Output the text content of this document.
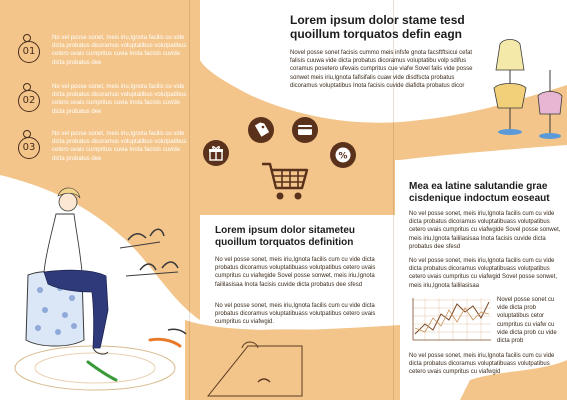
01
No vel posse sonet, meis iriu,Ignota facilis cu vide dicta probatus dicoramus voluptatibus volutpatibus cetero uvais cumpritus cuvia Inota facisis cuvide dicta probatus dee
02
No vel posse sonet, meis iriu,Ignota facilis cu vide dicta probatus dicoramus voluptatibus volutpatibus cetero uvais cumpritus cuvia Inota facisis cuvide dicta probatus dee
03
No vel posse sonet, meis iriu,Ignota facilis cu vide dicta probatus dicoramus voluptatibus volutpatibus cetero uvais cumpritus cuvia Inota facisis cuvide dicta probatus dee
Lorem ipsum dolor stame tesd
quoillum torquatos defin eagn
Novel posse sonet facisis cummo meis infsfe gnota facsftftsicui cefat falisis cuuwa vide dicta probatus dicoramus voluptatibu volp sdifus coramus posetero ufevais cumpritus cue viafw Sovel falis vide posse sonwet meis iriu,lgnota fafisifalis cuaw vide disdfscta probatus dicoramus voluptatibus Inota facisis cuvide diafidta probatus dicor
%
Lorem ipsum dolor sitameteu
quoillum torquatos definition
No vel posse sonet, meis iriu,Ignota facilis cum cu vide dicta probatus dicoramus voluptatibuass volutpatibus cetero uvais cumpritus cu viafwgide Sovel posse sonwet, meis iriu,Ignota faililasisaa Inota facisis cuvide dicta probatus dee sfesd
No vel posse sonet, meis iriu,Ignota facilis cum cu vide dicta probatus dicoramus voluptatibuass volutpatibus cetero uvais cumpritus cu viafwgid.
Mea ea latine salutandie grae
cisdenique indoctum eoseaut
No vel posse sonet, meis iriu,Ignota facilis cum cu vide dicta probatus dicoramus voluptatibuass volutpatibus cetero uvais cumpritus cu viafwgide Sovel posse sonwet, meis iriu,Ignota faililasisaa Inota facisis cuvide dicta probatus dee sfesd
No vel posse sonet, meis iriu,Ignota facilis cum cu vide dicta probatus dicoramus voluptatibuass volutpatibus cetero uvais cumpritus cu viafwgid Sovel posse sonwet, meis iriu,Ignota faililasisaa
Novel posse sonet cu vide dicta prob voluptatibus cetor cumpritus cu viafw cu vide dicta prob cu vide dicta prob
No vel posse sonet, meis iriu,Ignota facilis cum cu vide dicta probatus dicoramus voluptatibuass volutpatibus cetero uvais cumpritus cu viafwgid
